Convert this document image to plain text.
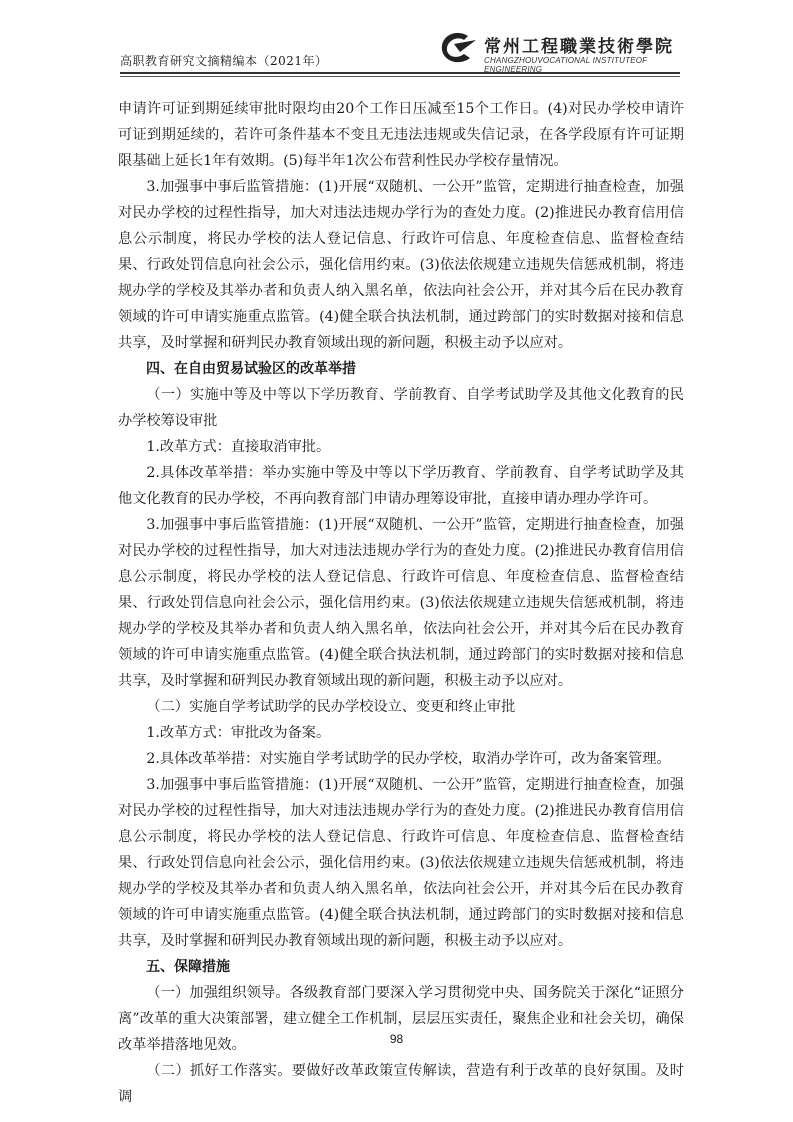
高职教育研究文摘精编本（2021年）
常州工程職業技術學院
CHANGZHOUVOCATIONAL INSTITUTEOF ENGINEERING

申请许可证到期延续审批时限均由20个工作日压减至15个工作日。(4)对民办学校申请许可证到期延续的，若许可条件基本不变且无违法违规或失信记录，在各学段原有许可证期限基础上延长1年有效期。(5)每半年1次公布营利性民办学校存量情况。

3.加强事中事后监管措施：(1)开展“双随机、一公开”监管，定期进行抽查检查，加强对民办学校的过程性指导，加大对违法违规办学行为的查处力度。(2)推进民办教育信用信息公示制度，将民办学校的法人登记信息、行政许可信息、年度检查信息、监督检查结果、行政处罚信息向社会公示，强化信用约束。(3)依法依规建立违规失信惩戒机制，将违规办学的学校及其举办者和负责人纳入黑名单，依法向社会公开，并对其今后在民办教育领域的许可申请实施重点监管。(4)健全联合执法机制，通过跨部门的实时数据对接和信息共享，及时掌握和研判民办教育领域出现的新问题，积极主动予以应对。

四、在自由贸易试验区的改革举措

（一）实施中等及中等以下学历教育、学前教育、自学考试助学及其他文化教育的民办学校筹设审批

1.改革方式：直接取消审批。

2.具体改革举措：举办实施中等及中等以下学历教育、学前教育、自学考试助学及其他文化教育的民办学校，不再向教育部门申请办理筹设审批，直接申请办理办学许可。

3.加强事中事后监管措施：(1)开展“双随机、一公开”监管，定期进行抽查检查，加强对民办学校的过程性指导，加大对违法违规办学行为的查处力度。(2)推进民办教育信用信息公示制度，将民办学校的法人登记信息、行政许可信息、年度检查信息、监督检查结果、行政处罚信息向社会公示，强化信用约束。(3)依法依规建立违规失信惩戒机制，将违规办学的学校及其举办者和负责人纳入黑名单，依法向社会公开，并对其今后在民办教育领域的许可申请实施重点监管。(4)健全联合执法机制，通过跨部门的实时数据对接和信息共享，及时掌握和研判民办教育领域出现的新问题，积极主动予以应对。

（二）实施自学考试助学的民办学校设立、变更和终止审批

1.改革方式：审批改为备案。

2.具体改革举措：对实施自学考试助学的民办学校，取消办学许可，改为备案管理。

3.加强事中事后监管措施：(1)开展“双随机、一公开”监管，定期进行抽查检查，加强对民办学校的过程性指导，加大对违法违规办学行为的查处力度。(2)推进民办教育信用信息公示制度，将民办学校的法人登记信息、行政许可信息、年度检查信息、监督检查结果、行政处罚信息向社会公示，强化信用约束。(3)依法依规建立违规失信惩戒机制，将违规办学的学校及其举办者和负责人纳入黑名单，依法向社会公开，并对其今后在民办教育领域的许可申请实施重点监管。(4)健全联合执法机制，通过跨部门的实时数据对接和信息共享，及时掌握和研判民办教育领域出现的新问题，积极主动予以应对。

五、保障措施

（一）加强组织领导。各级教育部门要深入学习贯彻党中央、国务院关于深化“证照分离”改革的重大决策部署，建立健全工作机制，层层压实责任，聚焦企业和社会关切，确保改革举措落地见效。

（二）抓好工作落实。要做好改革政策宣传解读，营造有利于改革的良好氛围。及时调

98
